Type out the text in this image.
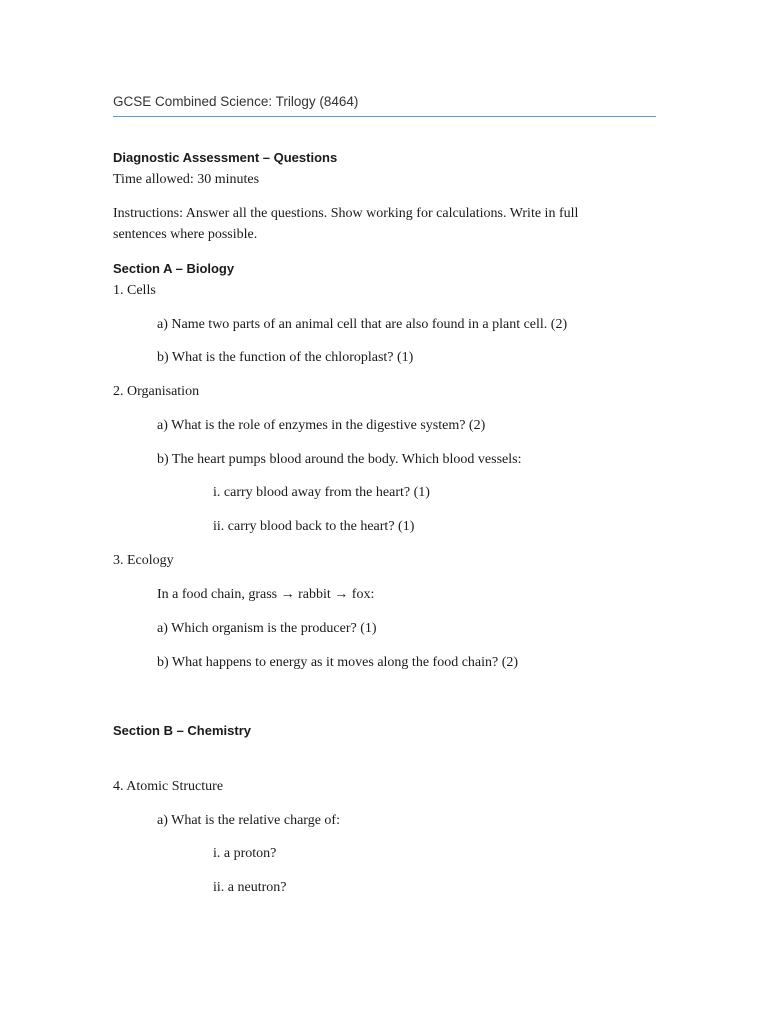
GCSE Combined Science: Trilogy (8464)
Diagnostic Assessment – Questions
Time allowed: 30 minutes
Instructions: Answer all the questions. Show working for calculations. Write in full
sentences where possible.
Section A – Biology
1. Cells
a) Name two parts of an animal cell that are also found in a plant cell. (2)
b) What is the function of the chloroplast? (1)
2. Organisation
a) What is the role of enzymes in the digestive system? (2)
b) The heart pumps blood around the body. Which blood vessels:
i. carry blood away from the heart? (1)
ii. carry blood back to the heart? (1)
3. Ecology
In a food chain, grass → rabbit → fox:
a) Which organism is the producer? (1)
b) What happens to energy as it moves along the food chain? (2)
Section B – Chemistry
4. Atomic Structure
a) What is the relative charge of:
i. a proton?
ii. a neutron?
